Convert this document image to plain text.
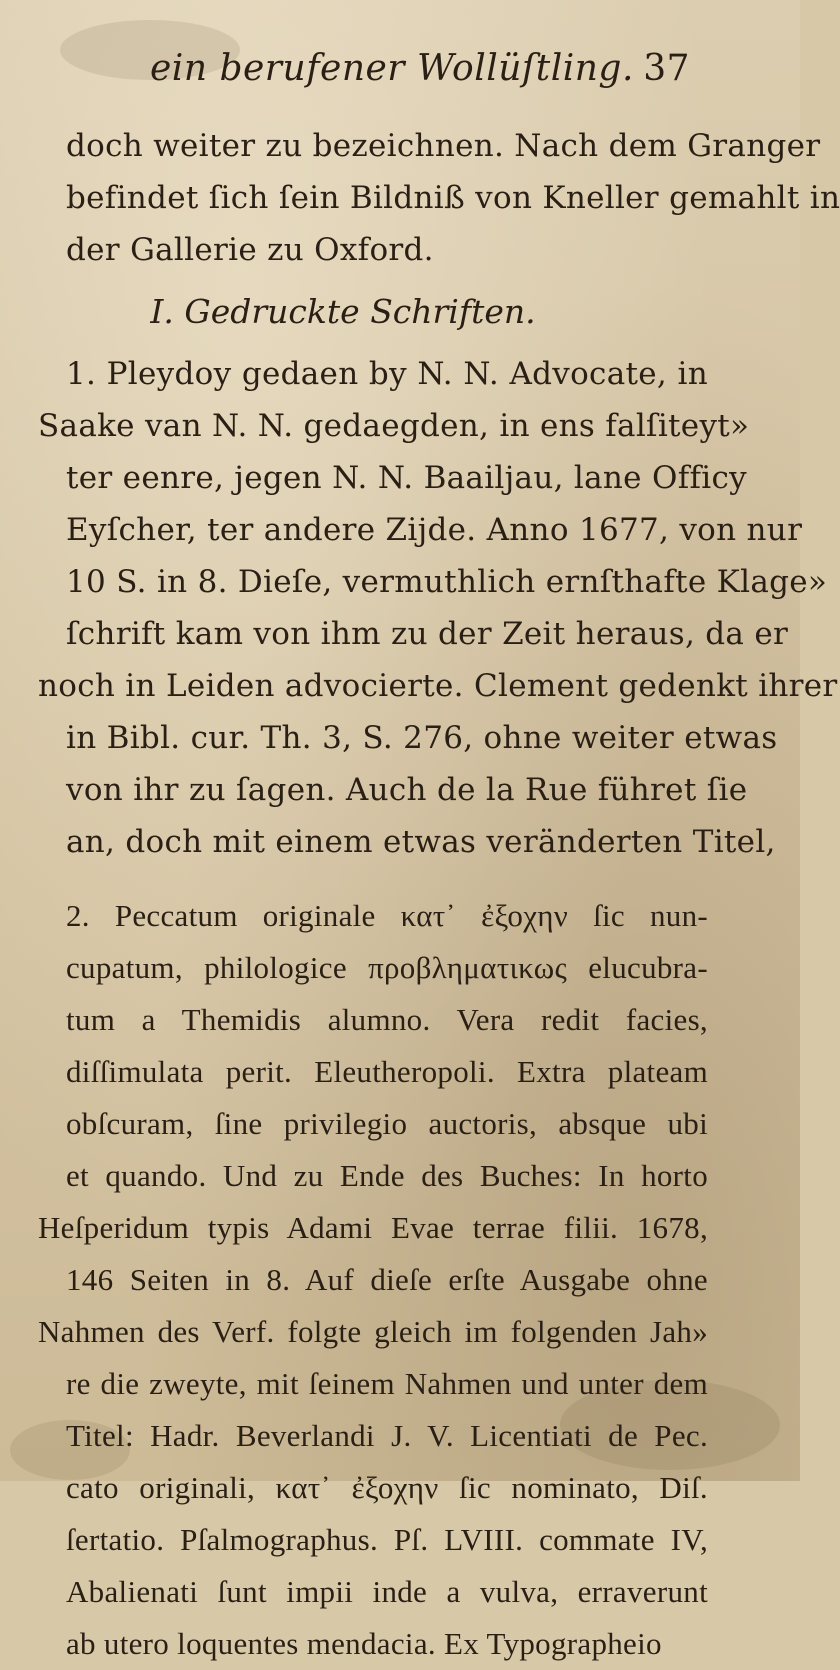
ein berufener Wollüſtling. 37
doch weiter zu bezeichnen. Nach dem Granger
befindet ſich ſein Bildniß von Kneller gemahlt in
der Gallerie zu Oxford.
I. Gedruckte Schriften.
1. Pleydoy gedaen by N. N. Advocate, in
Saake van N. N. gedaegden, in ens falſiteyt»
ter eenre, jegen N. N. Baailjau, lane Officy
Eyſcher, ter andere Zijde. Anno 1677, von nur
10 S. in 8. Dieſe, vermuthlich ernſthafte Klage»
ſchrift kam von ihm zu der Zeit heraus, da er
noch in Leiden advocierte. Clement gedenkt ihrer
in Bibl. cur. Th. 3, S. 276, ohne weiter etwas
von ihr zu ſagen. Auch de la Rue führet ſie
an, doch mit einem etwas veränderten Titel,
2. Peccatum originale κατ᾽ ἐξοχην ſic nun-
cupatum, philologice προβληματικως elucubra-
tum a Themidis alumno. Vera redit facies,
diſſimulata perit. Eleutheropoli. Extra plateam
obſcuram, ſine privilegio auctoris, absque ubi
et quando. Und zu Ende des Buches: In horto
Heſperidum typis Adami Evae terrae filii. 1678,
146 Seiten in 8. Auf dieſe erſte Ausgabe ohne
Nahmen des Verf. folgte gleich im folgenden Jah»
re die zweyte, mit ſeinem Nahmen und unter dem
Titel: Hadr. Beverlandi J. V. Licentiati de Pec.
cato originali, κατ᾽ ἐξοχην ſic nominato, Diſ.
ſertatio. Pſalmographus. Pſ. LVIII. commate IV,
Abalienati ſunt impii inde a vulva, erraverunt
ab utero loquentes mendacia. Ex Typographeio
